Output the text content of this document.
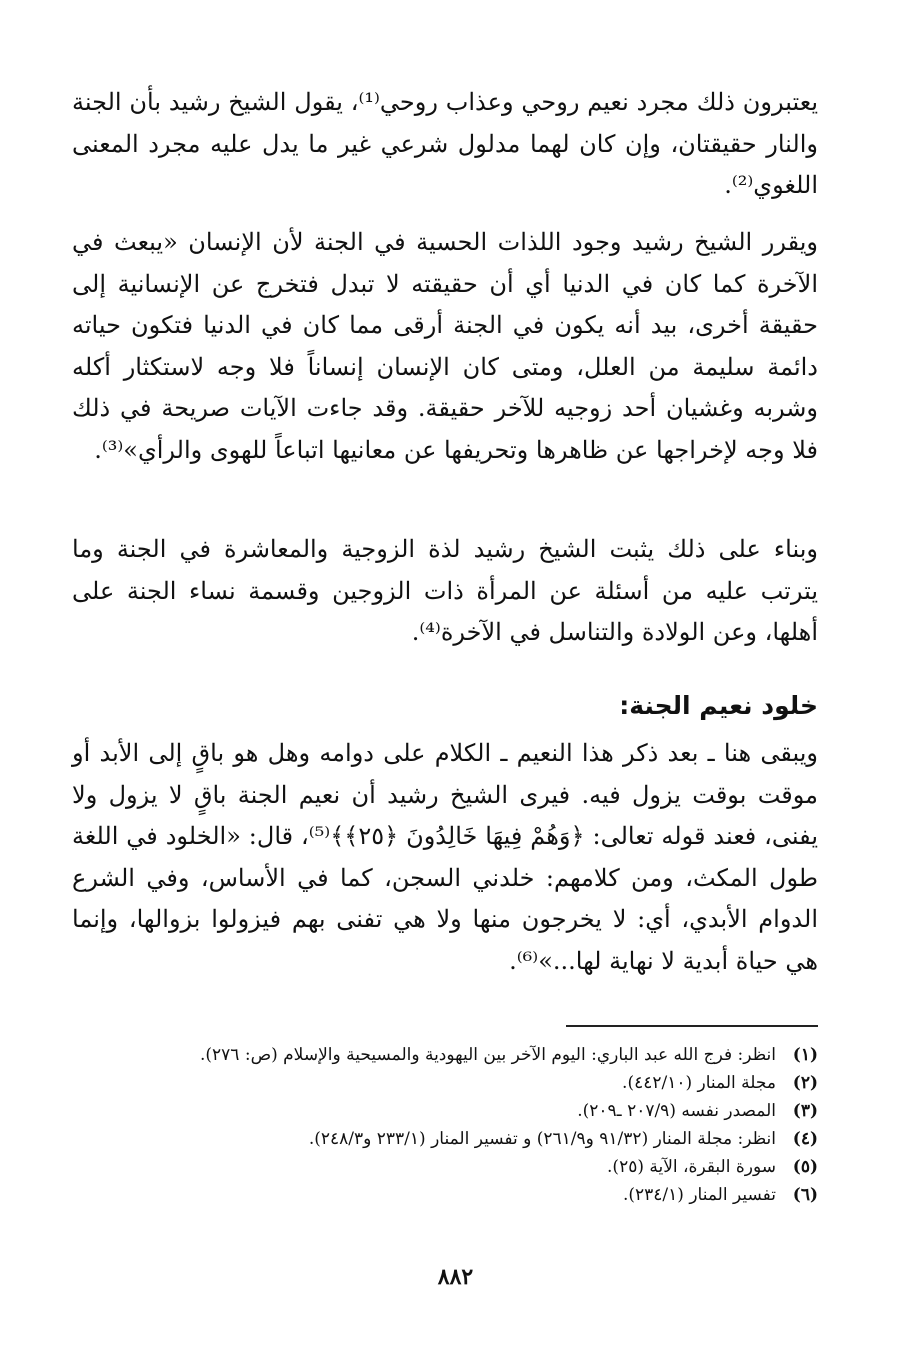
يعتبرون ذلك مجرد نعيم روحي وعذاب روحي⁽¹⁾، يقول الشيخ رشيد بأن الجنة والنار حقيقتان، وإن كان لهما مدلول شرعي غير ما يدل عليه مجرد المعنى اللغوي⁽²⁾.

ويقرر الشيخ رشيد وجود اللذات الحسية في الجنة لأن الإنسان «يبعث في الآخرة كما كان في الدنيا أي أن حقيقته لا تبدل فتخرج عن الإنسانية إلى حقيقة أخرى، بيد أنه يكون في الجنة أرقى مما كان في الدنيا فتكون حياته دائمة سليمة من العلل، ومتى كان الإنسان إنساناً فلا وجه لاستكثار أكله وشربه وغشيان أحد زوجيه للآخر حقيقة. وقد جاءت الآيات صريحة في ذلك فلا وجه لإخراجها عن ظاهرها وتحريفها عن معانيها اتباعاً للهوى والرأي»⁽³⁾.

وبناء على ذلك يثبت الشيخ رشيد لذة الزوجية والمعاشرة في الجنة وما يترتب عليه من أسئلة عن المرأة ذات الزوجين وقسمة نساء الجنة على أهلها، وعن الولادة والتناسل في الآخرة⁽⁴⁾.

خلود نعيم الجنة:

ويبقى هنا ـ بعد ذكر هذا النعيم ـ الكلام على دوامه وهل هو باقٍ إلى الأبد أو موقت بوقت يزول فيه. فيرى الشيخ رشيد أن نعيم الجنة باقٍ لا يزول ولا يفنى، فعند قوله تعالى: ﴿وَهُمْ فِيهَا خَالِدُونَ ﴿٢٥﴾﴾⁽⁵⁾، قال: «الخلود في اللغة طول المكث، ومن كلامهم: خلدني السجن، كما في الأساس، وفي الشرع الدوام الأبدي، أي: لا يخرجون منها ولا هي تفنى بهم فيزولوا بزوالها، وإنما هي حياة أبدية لا نهاية لها...»⁽⁶⁾.

(١)
انظر: فرج الله عبد الباري: اليوم الآخر بين اليهودية والمسيحية والإسلام (ص: ٢٧٦).
(٢)
مجلة المنار (٤٤٢/١٠).
(٣)
المصدر نفسه (٢٠٧/٩ ـ٢٠٩).
(٤)
انظر: مجلة المنار (٩١/٣٢ و٢٦١/٩) و تفسير المنار (٢٣٣/١ و٢٤٨/٣).
(٥)
سورة البقرة، الآية (٢٥).
(٦)
تفسير المنار (٢٣٤/١).
٨٨٢
